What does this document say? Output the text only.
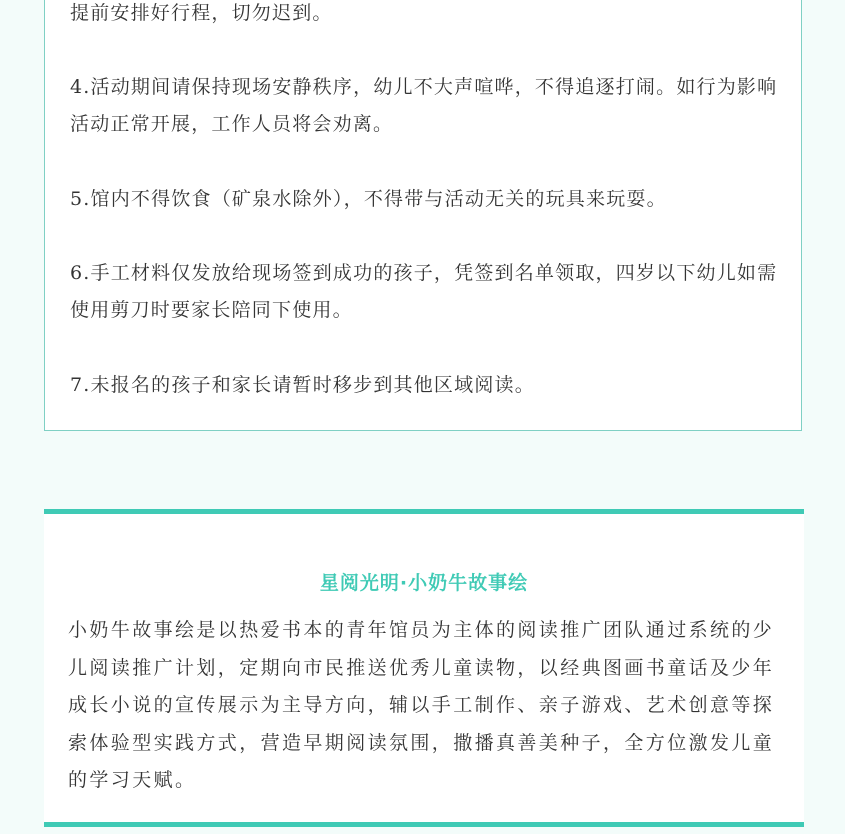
提前安排好行程，切勿迟到。

4.活动期间请保持现场安静秩序，幼儿不大声喧哗，不得追逐打闹。如行为影响活动正常开展，工作人员将会劝离。

5.馆内不得饮食（矿泉水除外），不得带与活动无关的玩具来玩耍。

6.手工材料仅发放给现场签到成功的孩子，凭签到名单领取，四岁以下幼儿如需使用剪刀时要家长陪同下使用。

7.未报名的孩子和家长请暂时移步到其他区域阅读。

星阅光明·小奶牛故事绘

小奶牛故事绘是以热爱书本的青年馆员为主体的阅读推广团队通过系统的少儿阅读推广计划，定期向市民推送优秀儿童读物，以经典图画书童话及少年成长小说的宣传展示为主导方向，辅以手工制作、亲子游戏、艺术创意等探索体验型实践方式，营造早期阅读氛围，撒播真善美种子，全方位激发儿童的学习天赋。
